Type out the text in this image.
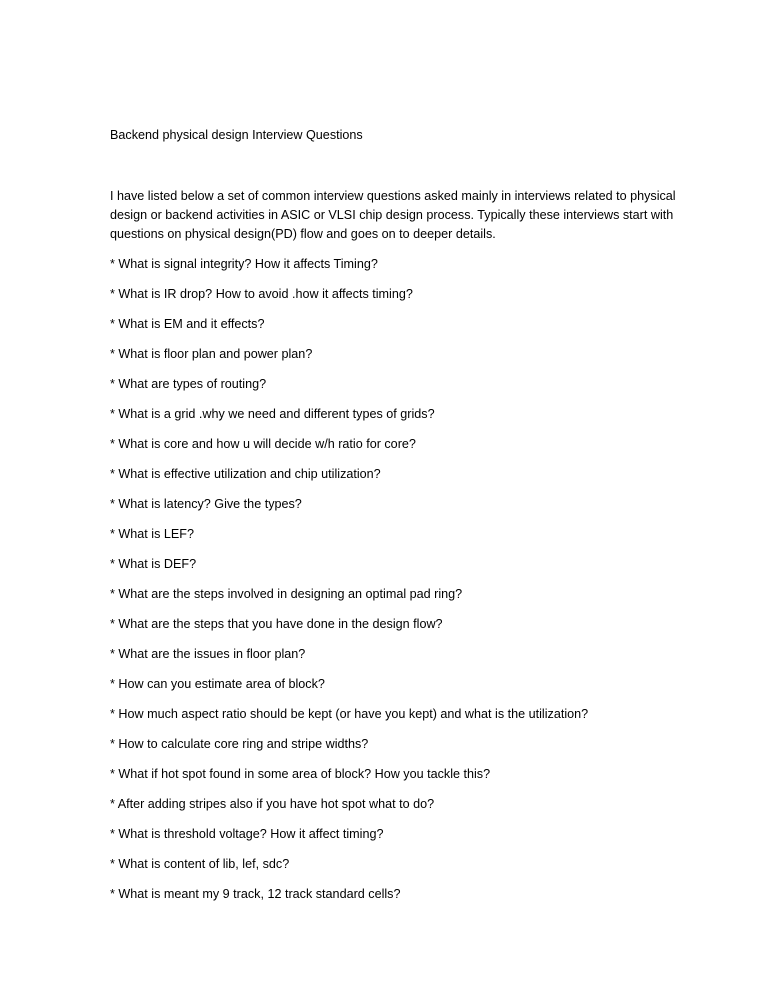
Backend physical design Interview Questions

I have listed below a set of common interview questions asked mainly in interviews related to physical design or backend activities in ASIC or VLSI chip design process. Typically these interviews start with questions on physical design(PD) flow and goes on to deeper details.

* What is signal integrity? How it affects Timing?
* What is IR drop? How to avoid .how it affects timing?
* What is EM and it effects?
* What is floor plan and power plan?
* What are types of routing?
* What is a grid .why we need and different types of grids?
* What is core and how u will decide w/h ratio for core?
* What is effective utilization and chip utilization?
* What is latency? Give the types?
* What is LEF?
* What is DEF?
* What are the steps involved in designing an optimal pad ring?
* What are the steps that you have done in the design flow?
* What are the issues in floor plan?
* How can you estimate area of block?
* How much aspect ratio should be kept (or have you kept) and what is the utilization?
* How to calculate core ring and stripe widths?
* What if hot spot found in some area of block? How you tackle this?
* After adding stripes also if you have hot spot what to do?
* What is threshold voltage? How it affect timing?
* What is content of lib, lef, sdc?
* What is meant my 9 track, 12 track standard cells?
